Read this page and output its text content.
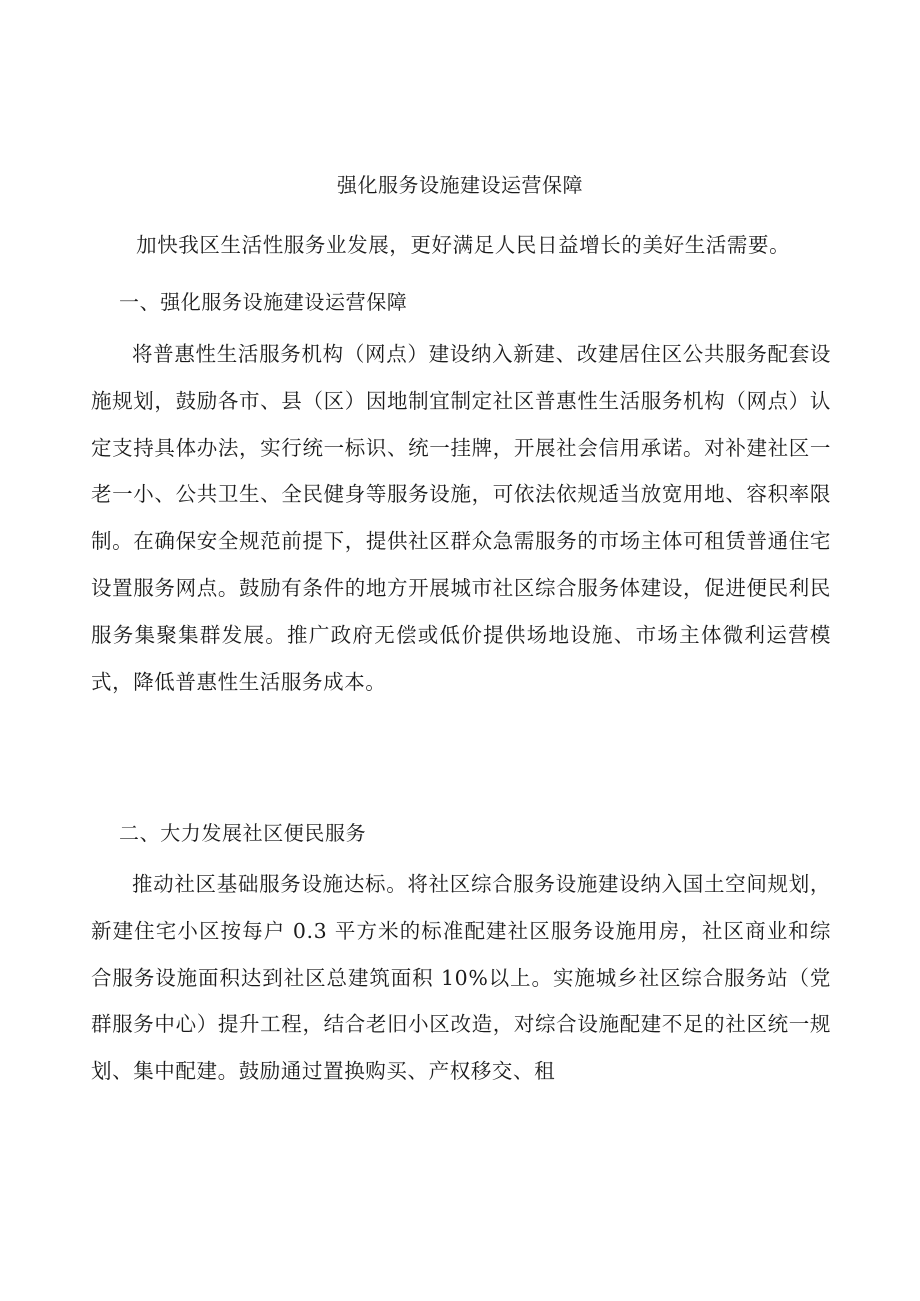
强化服务设施建设运营保障

加快我区生活性服务业发展，更好满足人民日益增长的美好生活需要。

一、强化服务设施建设运营保障

将普惠性生活服务机构（网点）建设纳入新建、改建居住区公共服务配套设施规划，鼓励各市、县（区）因地制宜制定社区普惠性生活服务机构（网点）认定支持具体办法，实行统一标识、统一挂牌，开展社会信用承诺。对补建社区一老一小、公共卫生、全民健身等服务设施，可依法依规适当放宽用地、容积率限制。在确保安全规范前提下，提供社区群众急需服务的市场主体可租赁普通住宅设置服务网点。鼓励有条件的地方开展城市社区综合服务体建设，促进便民利民服务集聚集群发展。推广政府无偿或低价提供场地设施、市场主体微利运营模式，降低普惠性生活服务成本。

二、大力发展社区便民服务

推动社区基础服务设施达标。将社区综合服务设施建设纳入国土空间规划，新建住宅小区按每户 0.3 平方米的标准配建社区服务设施用房，社区商业和综合服务设施面积达到社区总建筑面积 10%以上。实施城乡社区综合服务站（党群服务中心）提升工程，结合老旧小区改造，对综合设施配建不足的社区统一规划、集中配建。鼓励通过置换购买、产权移交、租
